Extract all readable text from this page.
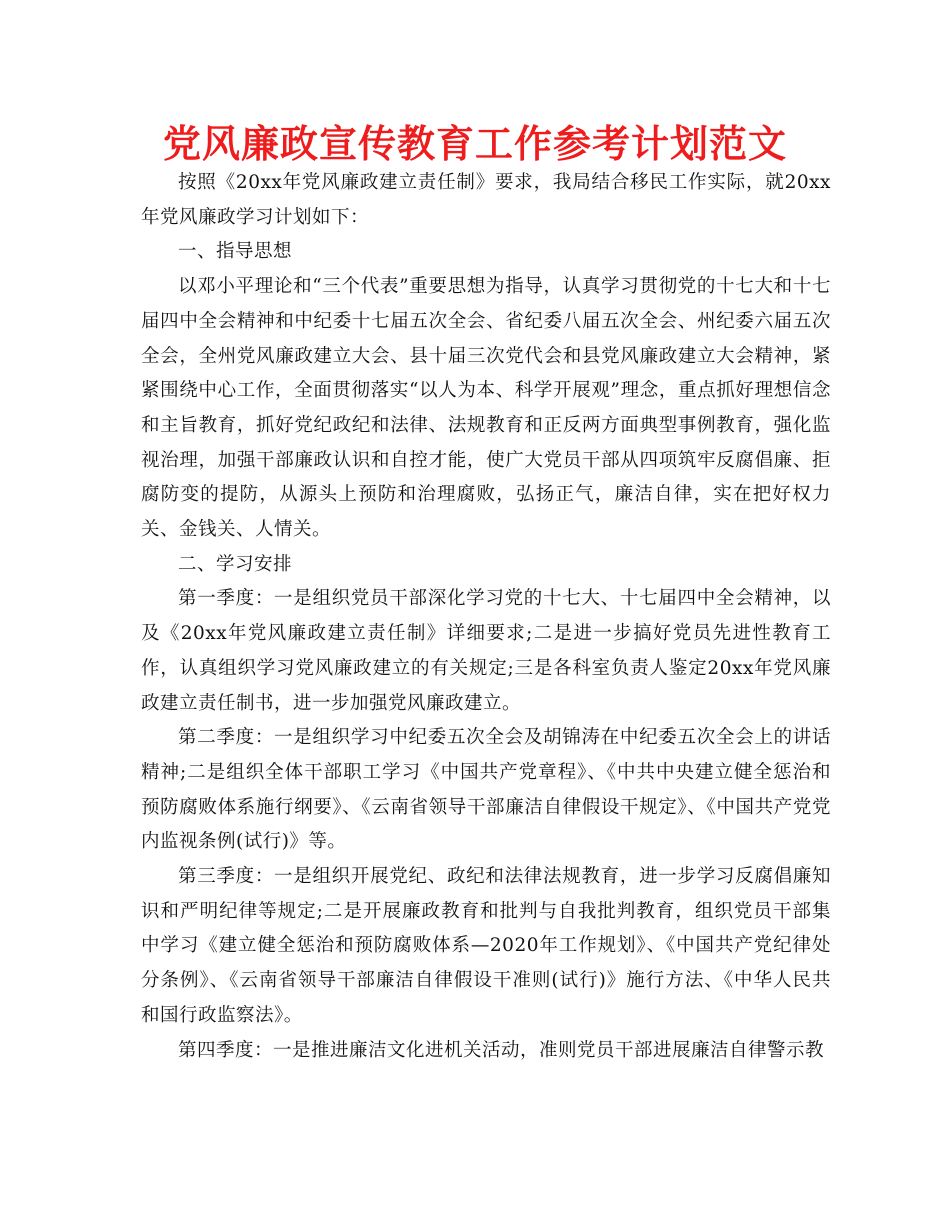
党风廉政宣传教育工作参考计划范文

按照《20xx年党风廉政建立责任制》要求，我局结合移民工作实际，就20xx年党风廉政学习计划如下：

一、指导思想

以邓小平理论和“三个代表”重要思想为指导，认真学习贯彻党的十七大和十七届四中全会精神和中纪委十七届五次全会、省纪委八届五次全会、州纪委六届五次全会，全州党风廉政建立大会、县十届三次党代会和县党风廉政建立大会精神，紧紧围绕中心工作，全面贯彻落实“以人为本、科学开展观”理念，重点抓好理想信念和主旨教育，抓好党纪政纪和法律、法规教育和正反两方面典型事例教育，强化监视治理，加强干部廉政认识和自控才能，使广大党员干部从四项筑牢反腐倡廉、拒腐防变的提防，从源头上预防和治理腐败，弘扬正气，廉洁自律，实在把好权力关、金钱关、人情关。

二、学习安排

第一季度：一是组织党员干部深化学习党的十七大、十七届四中全会精神，以及《20xx年党风廉政建立责任制》详细要求;二是进一步搞好党员先进性教育工作，认真组织学习党风廉政建立的有关规定;三是各科室负责人鉴定20xx年党风廉政建立责任制书，进一步加强党风廉政建立。

第二季度：一是组织学习中纪委五次全会及胡锦涛在中纪委五次全会上的讲话精神;二是组织全体干部职工学习《中国共产党章程》、《中共中央建立健全惩治和预防腐败体系施行纲要》、《云南省领导干部廉洁自律假设干规定》、《中国共产党党内监视条例(试行)》等。

第三季度：一是组织开展党纪、政纪和法律法规教育，进一步学习反腐倡廉知识和严明纪律等规定;二是开展廉政教育和批判与自我批判教育，组织党员干部集中学习《建立健全惩治和预防腐败体系—2020年工作规划》、《中国共产党纪律处分条例》、《云南省领导干部廉洁自律假设干准则(试行)》施行方法、《中华人民共和国行政监察法》。

第四季度：一是推进廉洁文化进机关活动，准则党员干部进展廉洁自律警示教
